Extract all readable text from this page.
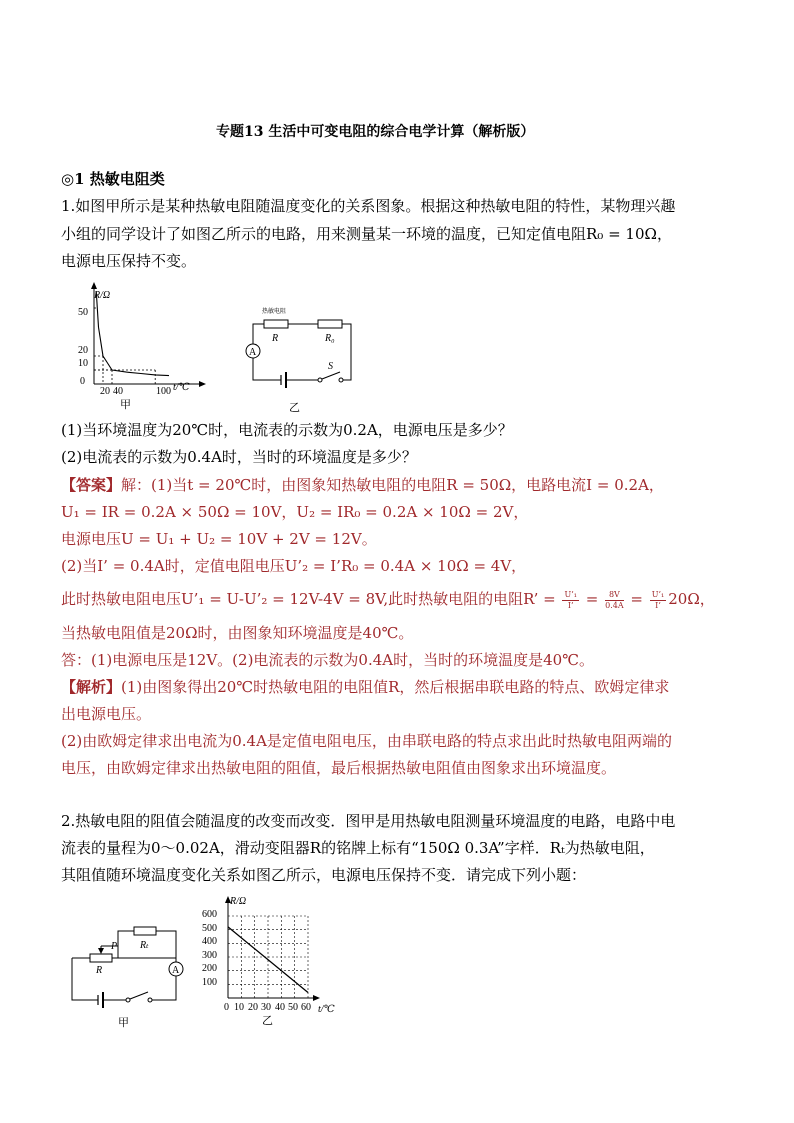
专题13 生活中可变电阻的综合电学计算（解析版）
◎1 热敏电阻类
1.如图甲所示是某种热敏电阻随温度变化的关系图象。根据这种热敏电阻的特性，某物理兴趣
小组的同学设计了如图乙所示的电路，用来测量某一环境的温度，已知定值电阻R₀ = 10Ω，
电源电压保持不变。
R/Ω
t/℃
50
20
10
0
20 40	100
甲
热敏电阻
R	R₀
A
S
乙
(1)当环境温度为20℃时，电流表的示数为0.2A，电源电压是多少？
(2)电流表的示数为0.4A时，当时的环境温度是多少？
【答案】解：(1)当t = 20℃时，由图象知热敏电阻的电阻R = 50Ω，电路电流I = 0.2A，
U₁ = IR = 0.2A × 50Ω = 10V，U₂ = IR₀ = 0.2A × 10Ω = 2V，
电源电压U = U₁ + U₂ = 10V + 2V = 12V。
(2)当I’ = 0.4A时，定值电阻电压U’₂ = I’R₀ = 0.4A × 10Ω = 4V，
此时热敏电阻电压U’₁ = U-U’₂ = 12V-4V = 8V,此时热敏电阻的电阻R’ = $\frac{\text{U’₁}}{I’} = \frac{8V}{0.4A} = \frac{\text{U’₁}}{I’} 20\Omega$，
当热敏电阻值是20Ω时，由图象知环境温度是40℃。
答：(1)电源电压是12V。(2)电流表的示数为0.4A时，当时的环境温度是40℃。
【解析】(1)由图象得出20℃时热敏电阻的电阻值R，然后根据串联电路的特点、欧姆定律求
出电源电压。
(2)由欧姆定律求出电流为0.4A是定值电阻电压，由串联电路的特点求出此时热敏电阻两端的
电压，由欧姆定律求出热敏电阻的阻值，最后根据热敏电阻值由图象求出环境温度。
2.热敏电阻的阻值会随温度的改变而改变．图甲是用热敏电阻测量环境温度的电路，电路中电
流表的量程为0～0.02A，滑动变阻器R的铭牌上标有“150Ω 0.3A”字样．Rₜ为热敏电阻，
其阻值随环境温度变化关系如图乙所示，电源电压保持不变．请完成下列小题：
A
P Rₜ
R
甲
R/Ω
t/℃
600
500
400
300
200
100
0 10 20 30 40 50 60
乙
